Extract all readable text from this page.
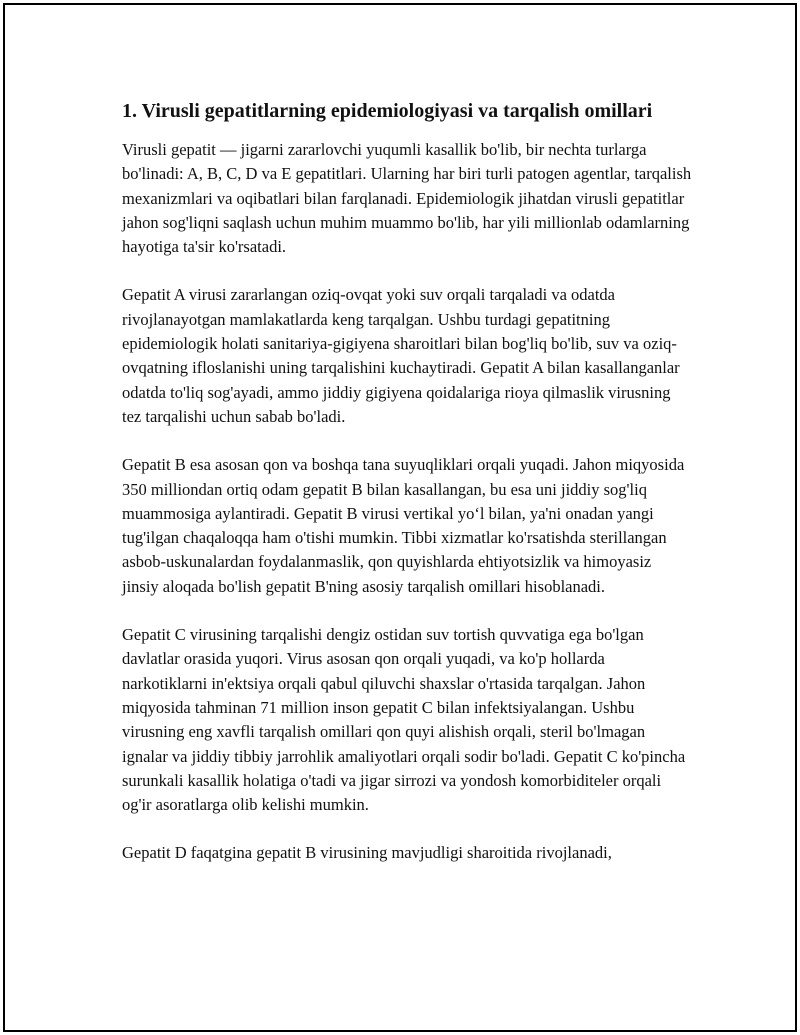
1. Virusli gepatitlarning epidemiologiyasi va tarqalish omillari

Virusli gepatit — jigarni zararlovchi yuqumli kasallik bo'lib, bir nechta turlarga bo'linadi: A, B, C, D va E gepatitlari. Ularning har biri turli patogen agentlar, tarqalish mexanizmlari va oqibatlari bilan farqlanadi. Epidemiologik jihatdan virusli gepatitlar jahon sog'liqni saqlash uchun muhim muammo bo'lib, har yili millionlab odamlarning hayotiga ta'sir ko'rsatadi.

Gepatit A virusi zararlangan oziq-ovqat yoki suv orqali tarqaladi va odatda rivojlanayotgan mamlakatlarda keng tarqalgan. Ushbu turdagi gepatitning epidemiologik holati sanitariya-gigiyena sharoitlari bilan bog'liq bo'lib, suv va oziq-ovqatning ifloslanishi uning tarqalishini kuchaytiradi. Gepatit A bilan kasallanganlar odatda to'liq sog'ayadi, ammo jiddiy gigiyena qoidalariga rioya qilmaslik virusning tez tarqalishi uchun sabab bo'ladi.

Gepatit B esa asosan qon va boshqa tana suyuqliklari orqali yuqadi. Jahon miqyosida 350 milliondan ortiq odam gepatit B bilan kasallangan, bu esa uni jiddiy sog'liq muammosiga aylantiradi. Gepatit B virusi vertikal yo‘l bilan, ya'ni onadan yangi tug'ilgan chaqaloqqa ham o'tishi mumkin. Tibbi xizmatlar ko'rsatishda sterillangan asbob-uskunalardan foydalanmaslik, qon quyishlarda ehtiyotsizlik va himoyasiz jinsiy aloqada bo'lish gepatit B'ning asosiy tarqalish omillari hisoblanadi.

Gepatit C virusining tarqalishi dengiz ostidan suv tortish quvvatiga ega bo'lgan davlatlar orasida yuqori. Virus asosan qon orqali yuqadi, va ko'p hollarda narkotiklarni in'ektsiya orqali qabul qiluvchi shaxslar o'rtasida tarqalgan. Jahon miqyosida tahminan 71 million inson gepatit C bilan infektsiyalangan. Ushbu virusning eng xavfli tarqalish omillari qon quyi alishish orqali, steril bo'lmagan ignalar va jiddiy tibbiy jarrohlik amaliyotlari orqali sodir bo'ladi. Gepatit C ko'pincha surunkali kasallik holatiga o'tadi va jigar sirrozi va yondosh komorbiditeler orqali og'ir asoratlarga olib kelishi mumkin.

Gepatit D faqatgina gepatit B virusining mavjudligi sharoitida rivojlanadi,
